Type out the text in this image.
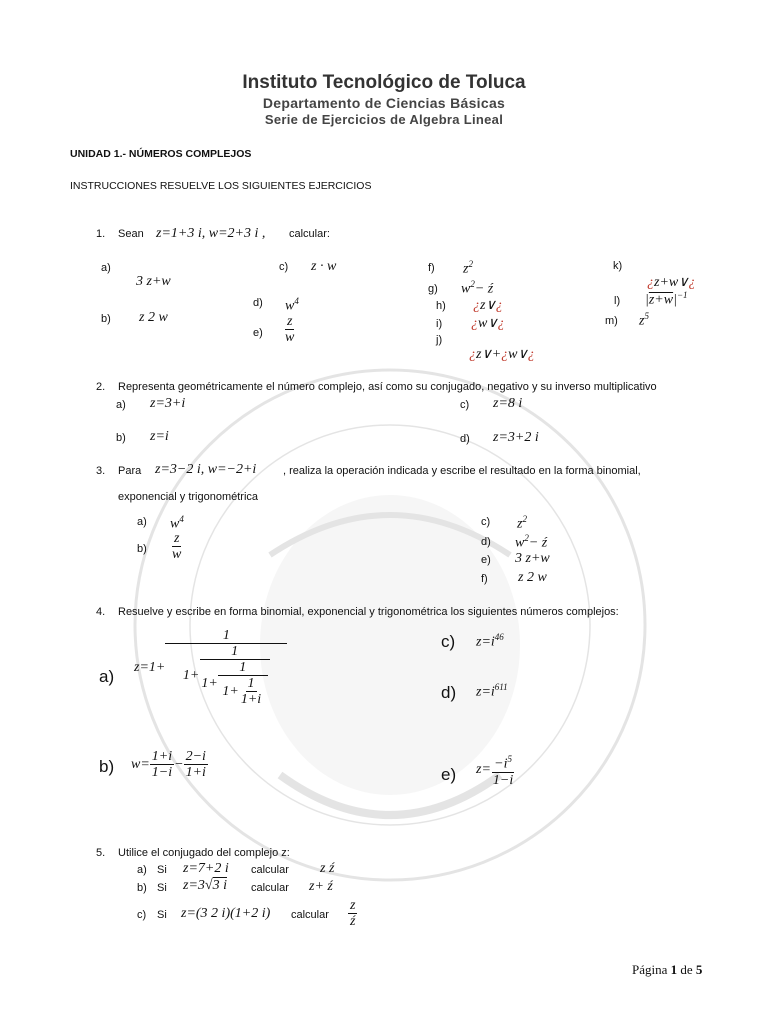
Instituto Tecnológico de Toluca
Departamento de Ciencias Básicas
Serie de Ejercicios de Algebra Lineal
UNIDAD 1.- NÚMEROS COMPLEJOS
INSTRUCCIONES RESUELVE LOS SIGUIENTES EJERCICIOS
1. Sean z=1+3 i, w=2+3 i , calcular:
a)
3 z+w
b) z 2 w
c) z · w
d) $w^4$
$e) \frac{z}{w}$
f) $z^2$
g) $w^2-$ ź
h) ¿z∨¿
i) ¿w∨¿
j)
¿z∨+¿w∨¿
k)
¿z+w∨¿
l) $|z+w|^{-1}$
m) $z^5$
2. Representa geométricamente el número complejo, así como su conjugado, negativo y su inverso multiplicativo
a) z=3+i
b) z=i
c) z=8 i
d) z=3+2 i
3. Para z=3−2 i, w=−2+i , realiza la operación indicada y escribe el resultado en la forma binomial,
exponencial y trigonométrica
a) $w^4$
$b) \frac{z}{w}$
c) $z^2$
d) $w^2-$ ź
e) 3 z+w
f) z 2 w
4. Resuelve y escribe en forma binomial, exponencial y trigonométrica los siguientes números complejos:
a) z=1+
1
1+
1
$1+ \frac{1}{1+ \frac{1}{1+i}}$
b) $w= \frac{1+i}{1-i} - \frac{2-i}{1+i}$
c) $z=i^{46}$
d) $z=i^{611}$
e) $z= \frac{-i^5}{1-i}$
5. Utilice el conjugado del complejo z:
a) Si z=7+2 i calcular z ź
b) Si z=3√3 i calcular z+ ź
c) Si z=(3 2 i)(1+2 i) calcular $\frac{z}{ź}$
Página 1 de 5
